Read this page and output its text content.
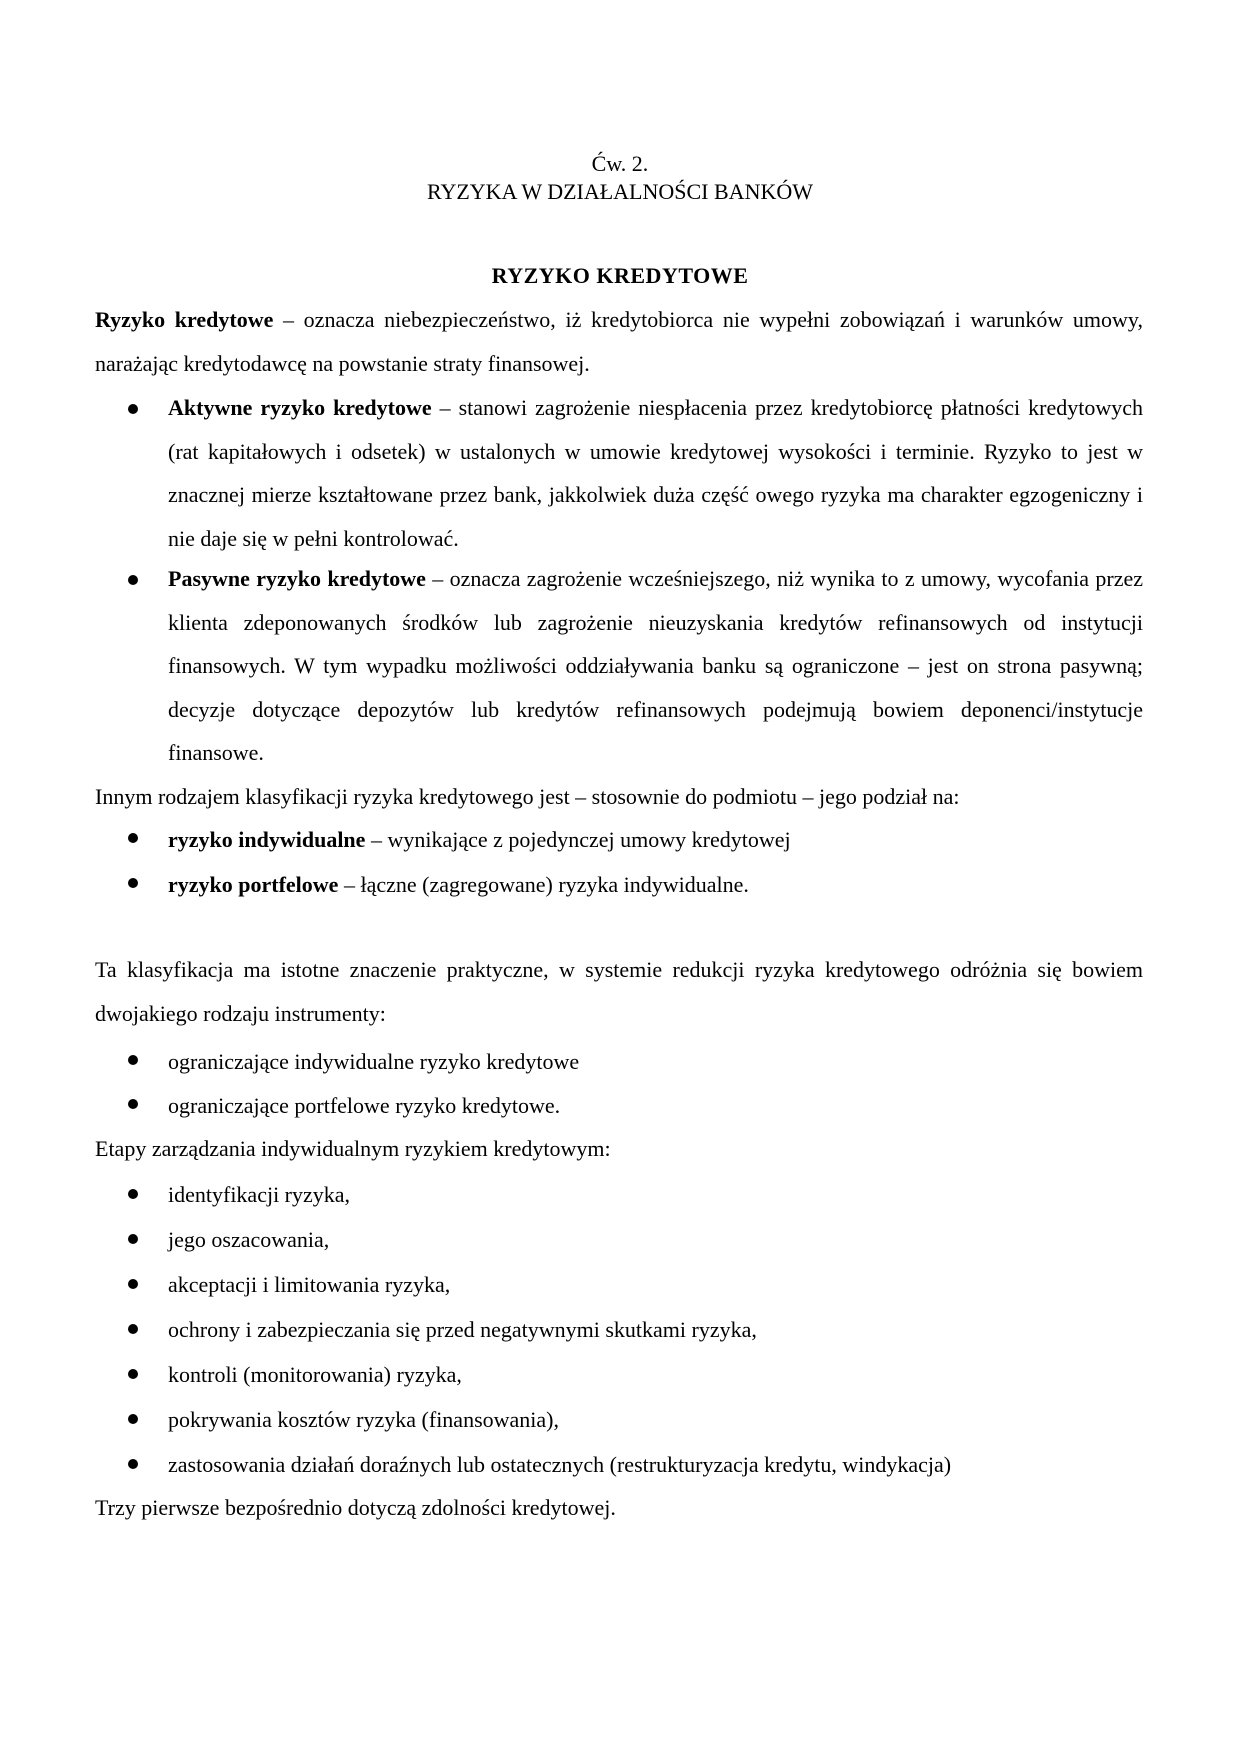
Ćw. 2.
RYZYKA W DZIAŁALNOŚCI BANKÓW
RYZYKO KREDYTOWE
Ryzyko kredytowe – oznacza niebezpieczeństwo, iż kredytobiorca nie wypełni zobowiązań i warunków umowy, narażając kredytodawcę na powstanie straty finansowej.
Aktywne ryzyko kredytowe – stanowi zagrożenie niespłacenia przez kredytobiorcę płatności kredytowych (rat kapitałowych i odsetek) w ustalonych w umowie kredytowej wysokości i terminie. Ryzyko to jest w znacznej mierze kształtowane przez bank, jakkolwiek duża część owego ryzyka ma charakter egzogeniczny i nie daje się w pełni kontrolować.
Pasywne ryzyko kredytowe – oznacza zagrożenie wcześniejszego, niż wynika to z umowy, wycofania przez klienta zdeponowanych środków lub zagrożenie nieuzyskania kredytów refinansowych od instytucji finansowych. W tym wypadku możliwości oddziaływania banku są ograniczone – jest on strona pasywną; decyzje dotyczące depozytów lub kredytów refinansowych podejmują bowiem deponenci/instytucje finansowe.
Innym rodzajem klasyfikacji ryzyka kredytowego jest – stosownie do podmiotu – jego podział na:
ryzyko indywidualne – wynikające z pojedynczej umowy kredytowej
ryzyko portfelowe – łączne (zagregowane) ryzyka indywidualne.
Ta klasyfikacja ma istotne znaczenie praktyczne, w systemie redukcji ryzyka kredytowego odróżnia się bowiem dwojakiego rodzaju instrumenty:
ograniczające indywidualne ryzyko kredytowe
ograniczające portfelowe ryzyko kredytowe.
Etapy zarządzania indywidualnym ryzykiem kredytowym:
identyfikacji ryzyka,
jego oszacowania,
akceptacji i limitowania ryzyka,
ochrony i zabezpieczania się przed negatywnymi skutkami ryzyka,
kontroli (monitorowania) ryzyka,
pokrywania kosztów ryzyka (finansowania),
zastosowania działań doraźnych lub ostatecznych (restrukturyzacja kredytu, windykacja)
Trzy pierwsze bezpośrednio dotyczą zdolności kredytowej.
